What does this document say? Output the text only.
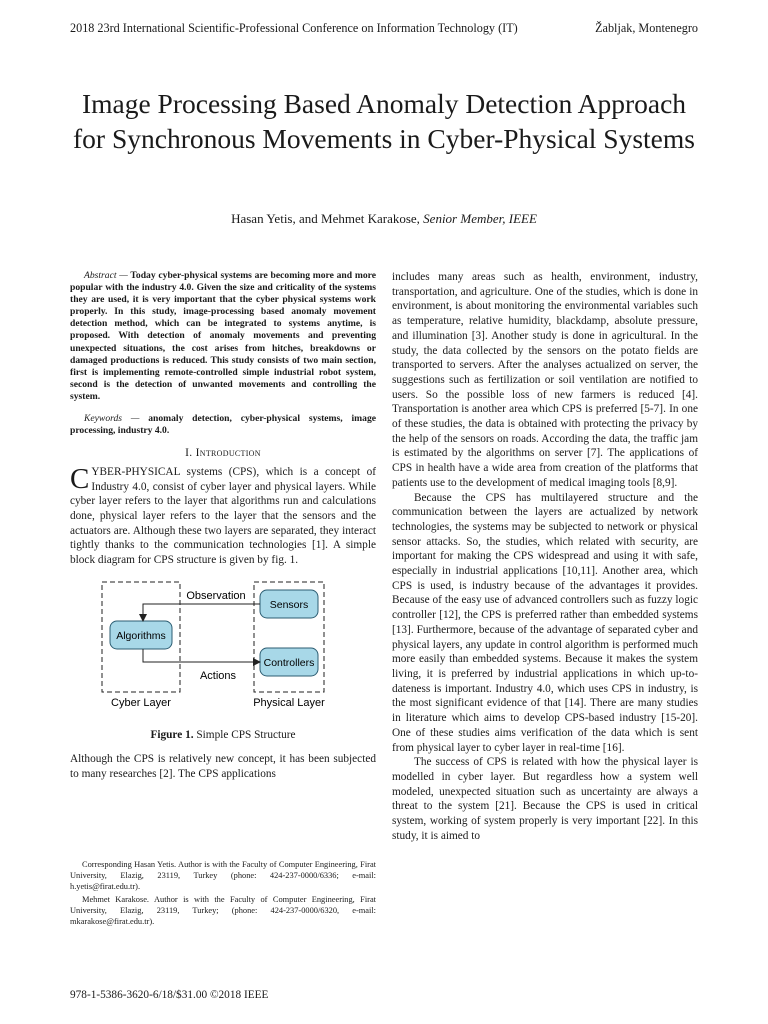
2018 23rd International Scientific-Professional Conference on Information Technology (IT)	Žabljak, Montenegro
Image Processing Based Anomaly Detection Approach for Synchronous Movements in Cyber-Physical Systems
Hasan Yetis, and Mehmet Karakose, Senior Member, IEEE

Abstract — Today cyber-physical systems are becoming more and more popular with the industry 4.0. Given the size and criticality of the systems they are used, it is very important that the cyber physical systems work properly. In this study, image-processing based anomaly movement detection method, which can be integrated to systems anytime, is proposed. With detection of anomaly movements and preventing unexpected situations, the cost arises from hitches, breakdowns or damaged productions is reduced. This study consists of two main section, first is implementing remote-controlled simple industrial robot system, second is the detection of unwanted movements and controlling the system.

Keywords — anomaly detection, cyber-physical systems, image processing, industry 4.0.

I. Introduction

C YBER-PHYSICAL systems (CPS), which is a concept of Industry 4.0, consist of cyber layer and physical layers. While cyber layer refers to the layer that algorithms run and calculations done, physical layer refers to the layer that the sensors and the actuators are. Although these two layers are separated, they interact tightly thanks to the communication technologies [1]. A simple block diagram for CPS structure is given by fig. 1.

Sensors
Algorithms
Controllers
Observation
Actions
Cyber Layer	Physical Layer
Figure 1. Simple CPS Structure

Although the CPS is relatively new concept, it has been subjected to many researches [2]. The CPS applications

includes many areas such as health, environment, industry, transportation, and agriculture. One of the studies, which is done in environment, is about monitoring the environmental variables such as temperature, relative humidity, blackdamp, absolute pressure, and illumination [3]. Another study is done in agricultural. In the study, the data collected by the sensors on the potato fields are transported to servers. After the analyses actualized on server, the suggestions such as fertilization or soil ventilation are notified to users. So the possible loss of new farmers is reduced [4]. Transportation is another area which CPS is preferred [5-7]. In one of these studies, the data is obtained with protecting the privacy by the help of the sensors on roads. According the data, the traffic jam is estimated by the algorithms on server [7]. The applications of CPS in health have a wide area from creation of the platforms that patients use to the development of medical imaging tools [8,9].

Because the CPS has multilayered structure and the communication between the layers are actualized by network technologies, the systems may be subjected to network or physical sensor attacks. So, the studies, which related with security, are important for making the CPS widespread and using it with safe, especially in industrial applications [10,11]. Another area, which CPS is used, is industry because of the advantages it provides. Because of the easy use of advanced controllers such as fuzzy logic controller [12], the CPS is preferred rather than embedded systems [13]. Furthermore, because of the advantage of separated cyber and physical layers, any update in control algorithm is performed much more easily than embedded systems. Because it makes the system living, it is preferred by industrial applications in which up-to-dateness is important. Industry 4.0, which uses CPS in industry, is the most significant evidence of that [14]. There are many studies in literature which aims to develop CPS-based industry [15-20]. One of these studies aims verification of the data which is sent from physical layer to cyber layer in real-time [16].

The success of CPS is related with how the physical layer is modelled in cyber layer. But regardless how a system well modeled, unexpected situation such as uncertainty are always a threat to the system [21]. Because the CPS is used in critical system, working of system properly is very important [22]. In this study, it is aimed to

Corresponding Hasan Yetis. Author is with the Faculty of Computer Engineering, Firat University, Elazig, 23119, Turkey (phone: 424-237-0000/6336; e-mail: h.yetis@firat.edu.tr).

Mehmet Karakose. Author is with the Faculty of Computer Engineering, Firat University, Elazig, 23119, Turkey; (phone: 424-237-0000/6320, e-mail: mkarakose@firat.edu.tr).

978-1-5386-3620-6/18/$31.00 ©2018 IEEE
